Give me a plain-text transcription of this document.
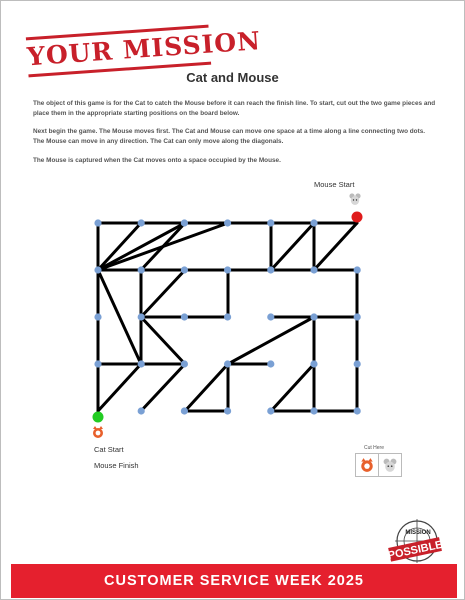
YOUR MISSION
Cat and Mouse

The object of this game is for the Cat to catch the Mouse before it can reach the finish line. To start, cut out the two game pieces and place them in the appropriate starting positions on the board below.

Next begin the game. The Mouse moves first. The Cat and Mouse can move one space at a time along a line connecting two dots. The Mouse can move in any direction. The Cat can only move along the diagonals.

The Mouse is captured when the Cat moves onto a space occupied by the Mouse.

Mouse Start
Cat Start
Mouse Finish
Cut Here
MISSION
POSSIBLE
CUSTOMER SERVICE WEEK 2025
